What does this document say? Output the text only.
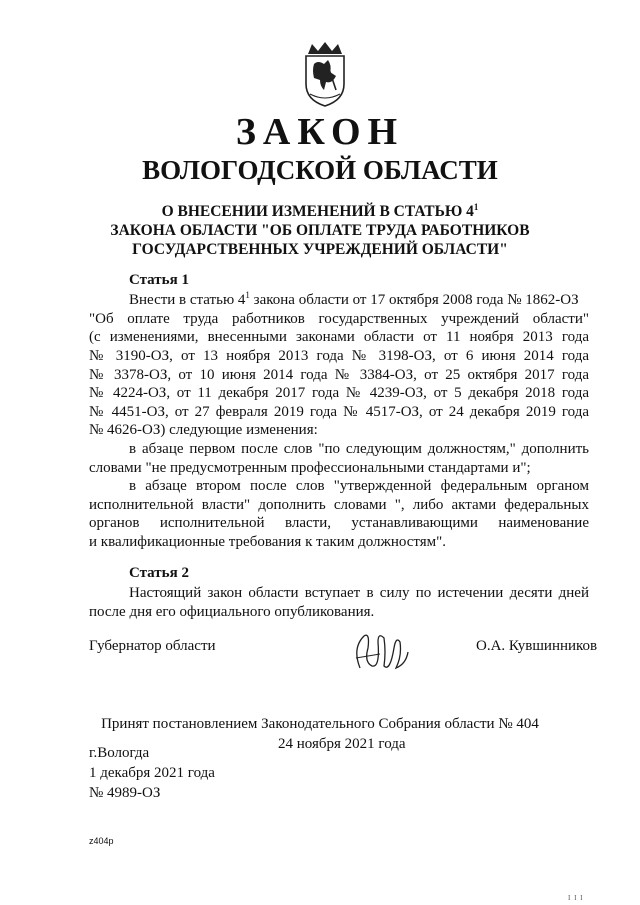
ЗАКОН
ВОЛОГОДСКОЙ ОБЛАСТИ
О ВНЕСЕНИИ ИЗМЕНЕНИЙ В СТАТЬЮ $4^1$
ЗАКОНА ОБЛАСТИ "ОБ ОПЛАТЕ ТРУДА РАБОТНИКОВ
ГОСУДАРСТВЕННЫХ УЧРЕЖДЕНИЙ ОБЛАСТИ"
Статья 1
Внести в статью $4^1$ закона области от 17 октября 2008 года № 1862-ОЗ
"Об оплате труда работников государственных учреждений области"
(с изменениями, внесенными законами области от 11 ноября 2013 года
№ 3190-ОЗ, от 13 ноября 2013 года № 3198-ОЗ, от 6 июня 2014 года
№ 3378-ОЗ, от 10 июня 2014 года № 3384-ОЗ, от 25 октября 2017 года
№ 4224-ОЗ, от 11 декабря 2017 года № 4239-ОЗ, от 5 декабря 2018 года
№ 4451-ОЗ, от 27 февраля 2019 года № 4517-ОЗ, от 24 декабря 2019 года
№ 4626-ОЗ) следующие изменения:
в абзаце первом после слов "по следующим должностям," дополнить
словами "не предусмотренным профессиональными стандартами и";
в абзаце втором после слов "утвержденной федеральным органом
исполнительной власти" дополнить словами ", либо актами федеральных
органов исполнительной власти, устанавливающими наименование
и квалификационные требования к таким должностям".
Статья 2
Настоящий закон области вступает в силу по истечении десяти дней
после дня его официального опубликования.
Губернатор области	О.А. Кувшинников
Принят постановлением Законодательного Собрания области № 404
24 ноября 2021 года
г.Вологда
1 декабря 2021 года
№ 4989-ОЗ
z404p
I I I
